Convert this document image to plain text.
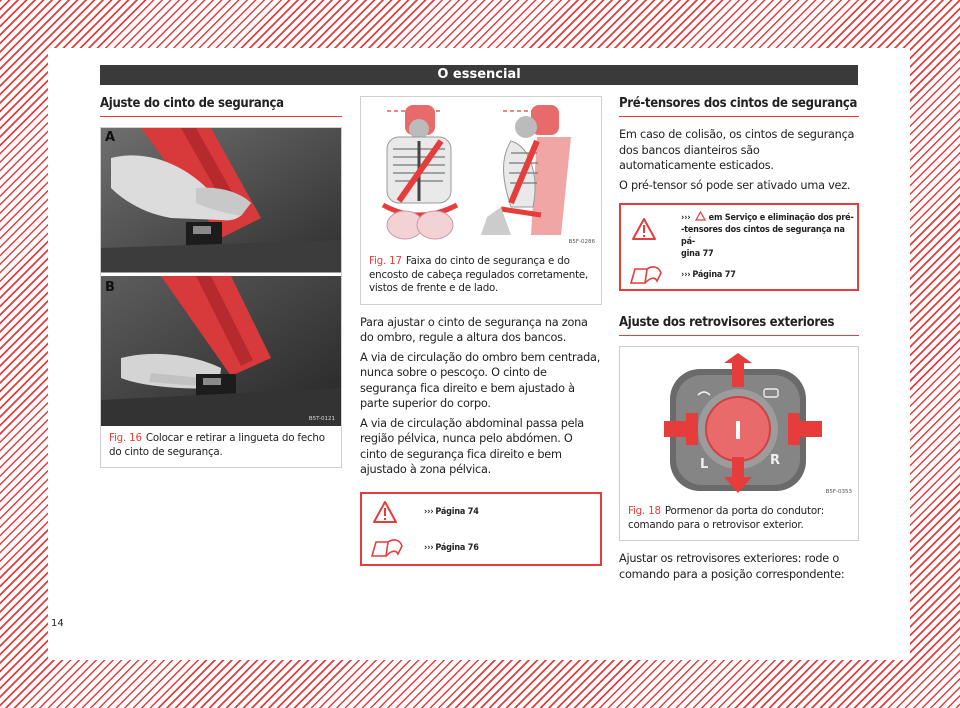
O essencial
Ajuste do cinto de segurança
A
B
B5T-0121
Fig. 16 Colocar e retirar a lingueta do fecho do cinto de segurança.
B5F-0286
Fig. 17 Faixa do cinto de segurança e do encosto de cabeça regulados corretamente, vistos de frente e de lado.

Para ajustar o cinto de segurança na zona do ombro, regule a altura dos bancos.

A via de circulação do ombro bem centrada, nunca sobre o pescoço. O cinto de segurança fica direito e bem ajustado à parte superior do corpo.

A via de circulação abdominal passa pela região pélvica, nunca pelo abdómen. O cinto de segurança fica direito e bem ajustado à zona pélvica.

››› Página 74
››› Página 76
Pré-tensores dos cintos de segurança

Em caso de colisão, os cintos de segurança dos bancos dianteiros são automaticamente esticados.

O pré-tensor só pode ser ativado uma vez.

››› em Serviço e eliminação dos pré-
-tensores dos cintos de segurança na pá-
gina 77
››› Página 77
Ajuste dos retrovisores exteriores
L	R
B5F-0353
Fig. 18 Pormenor da porta do condutor: comando para o retrovisor exterior.

Ajustar os retrovisores exteriores: rode o comando para a posição correspondente:

14
